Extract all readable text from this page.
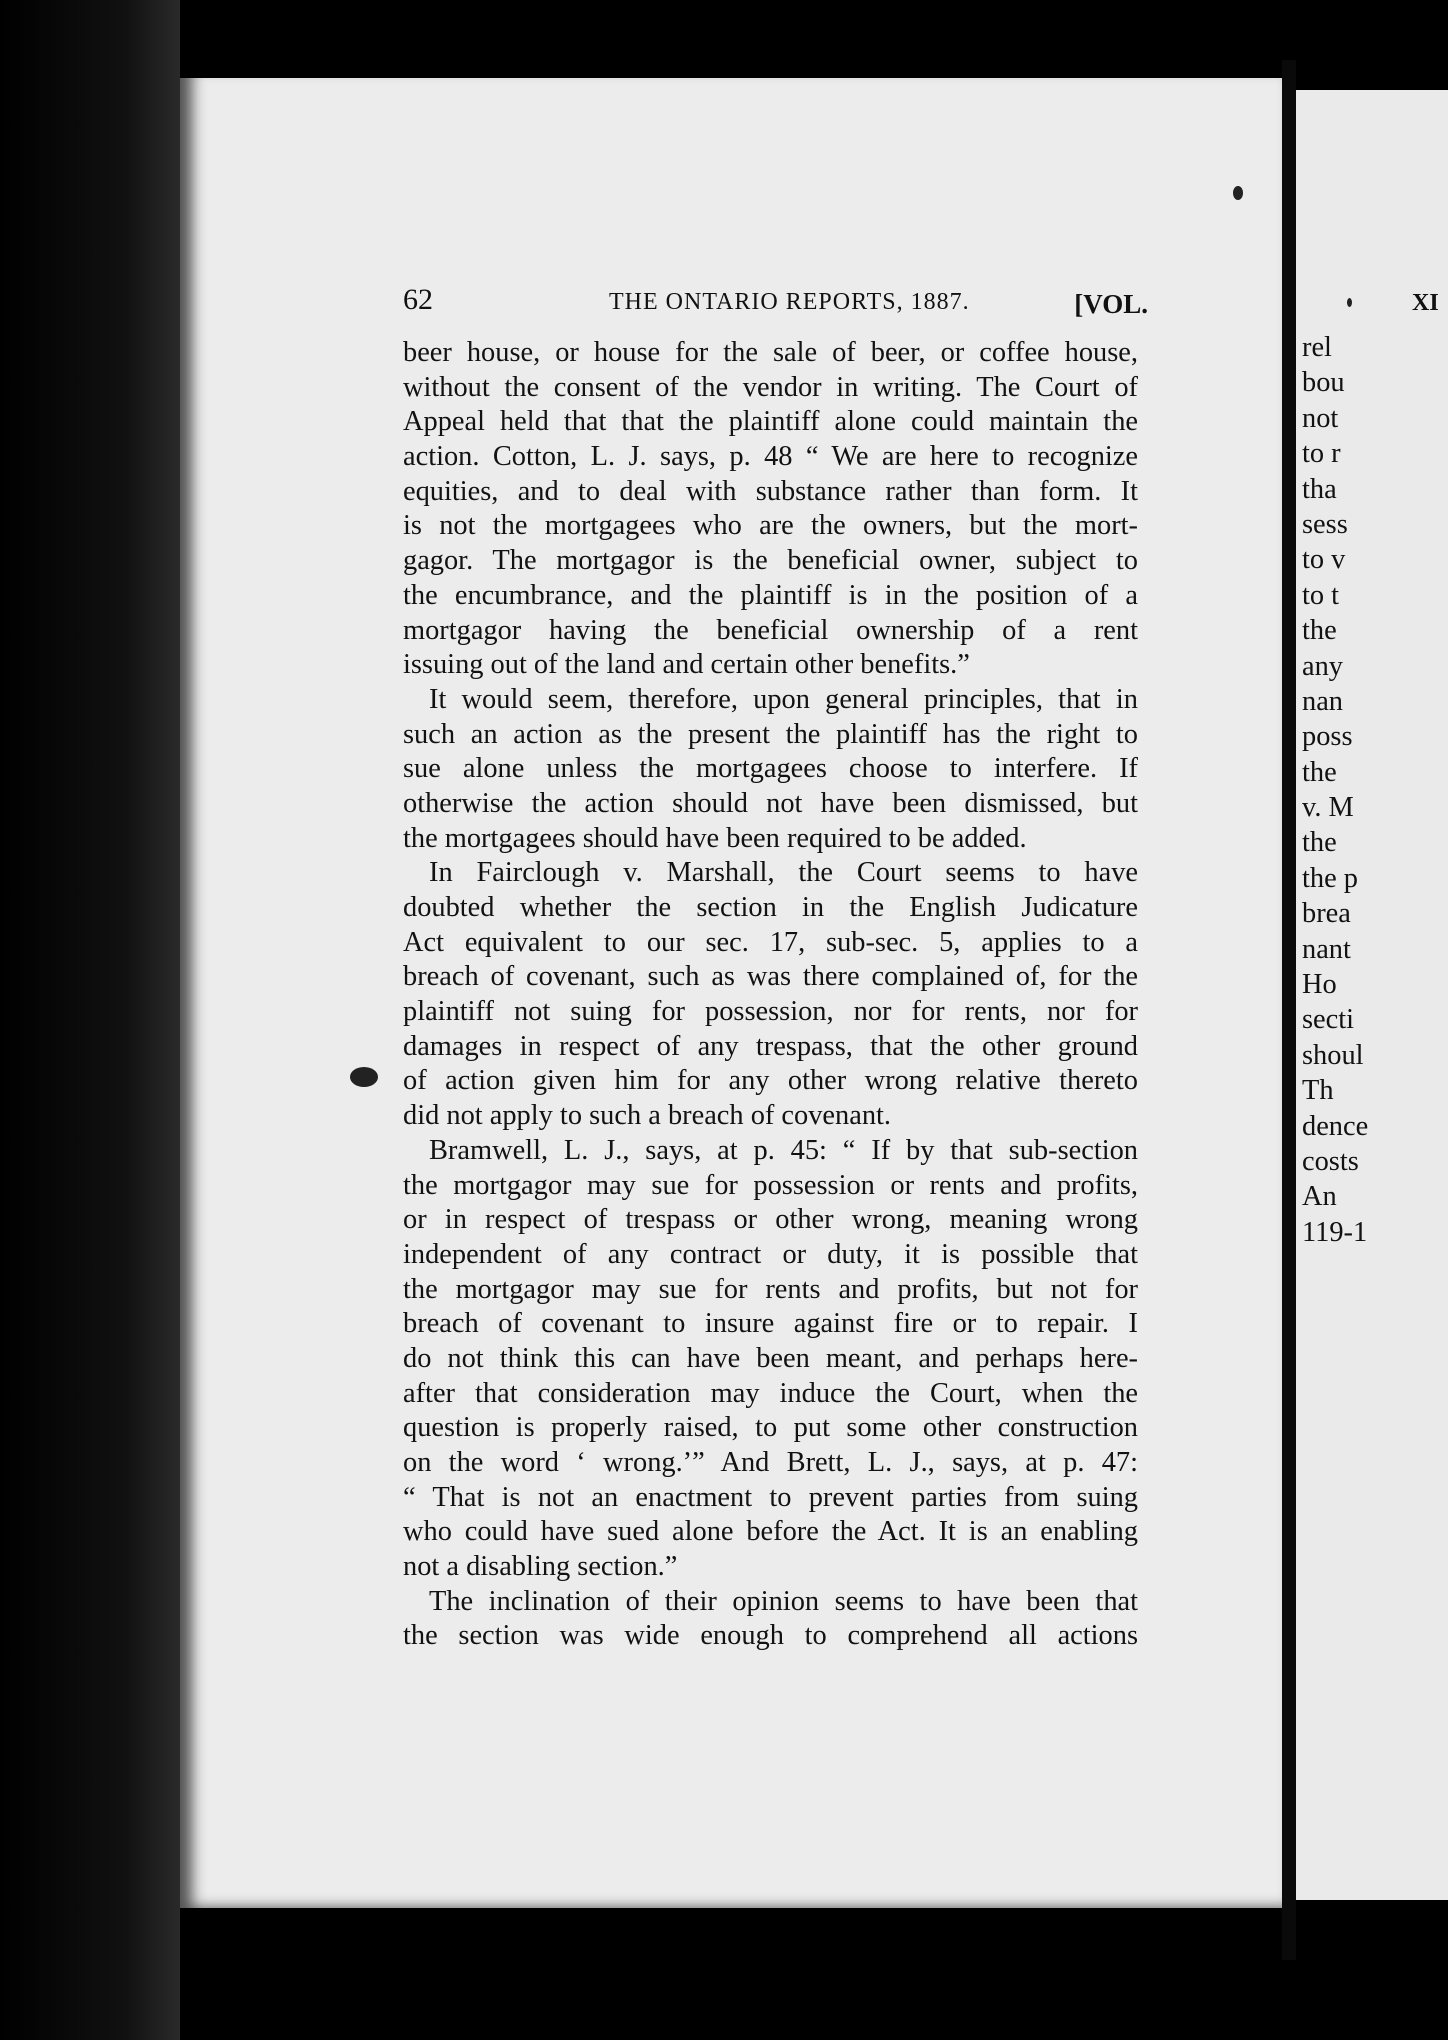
62	THE ONTARIO REPORTS, 1887.	[VOL.	XI
beer house, or house for the sale of beer, or coffee house,
without the consent of the vendor in writing. The Court of
Appeal held that that the plaintiff alone could maintain the
action. Cotton, L. J. says, p. 48 “ We are here to recognize
equities, and to deal with substance rather than form. It
is not the mortgagees who are the owners, but the mort-
gagor. The mortgagor is the beneficial owner, subject to
the encumbrance, and the plaintiff is in the position of a
mortgagor having the beneficial ownership of a rent
issuing out of the land and certain other benefits.”
It would seem, therefore, upon general principles, that in
such an action as the present the plaintiff has the right to
sue alone unless the mortgagees choose to interfere. If
otherwise the action should not have been dismissed, but
the mortgagees should have been required to be added.
In Fairclough v. Marshall, the Court seems to have
doubted whether the section in the English Judicature
Act equivalent to our sec. 17, sub-sec. 5, applies to a
breach of covenant, such as was there complained of, for the
plaintiff not suing for possession, nor for rents, nor for
damages in respect of any trespass, that the other ground
of action given him for any other wrong relative thereto
did not apply to such a breach of covenant.
Bramwell, L. J., says, at p. 45: “ If by that sub-section
the mortgagor may sue for possession or rents and profits,
or in respect of trespass or other wrong, meaning wrong
independent of any contract or duty, it is possible that
the mortgagor may sue for rents and profits, but not for
breach of covenant to insure against fire or to repair. I
do not think this can have been meant, and perhaps here-
after that consideration may induce the Court, when the
question is properly raised, to put some other construction
on the word ‘ wrong.’” And Brett, L. J., says, at p. 47:
“ That is not an enactment to prevent parties from suing
who could have sued alone before the Act. It is an enabling
not a disabling section.”
The inclination of their opinion seems to have been that
the section was wide enough to comprehend all actions
rel
bou
not
to r
tha
sess
to v
to t
the
any
nan
poss
the
v. M
the
the p
brea
nant
Ho
secti
shoul
Th
dence
costs
An
119-1
